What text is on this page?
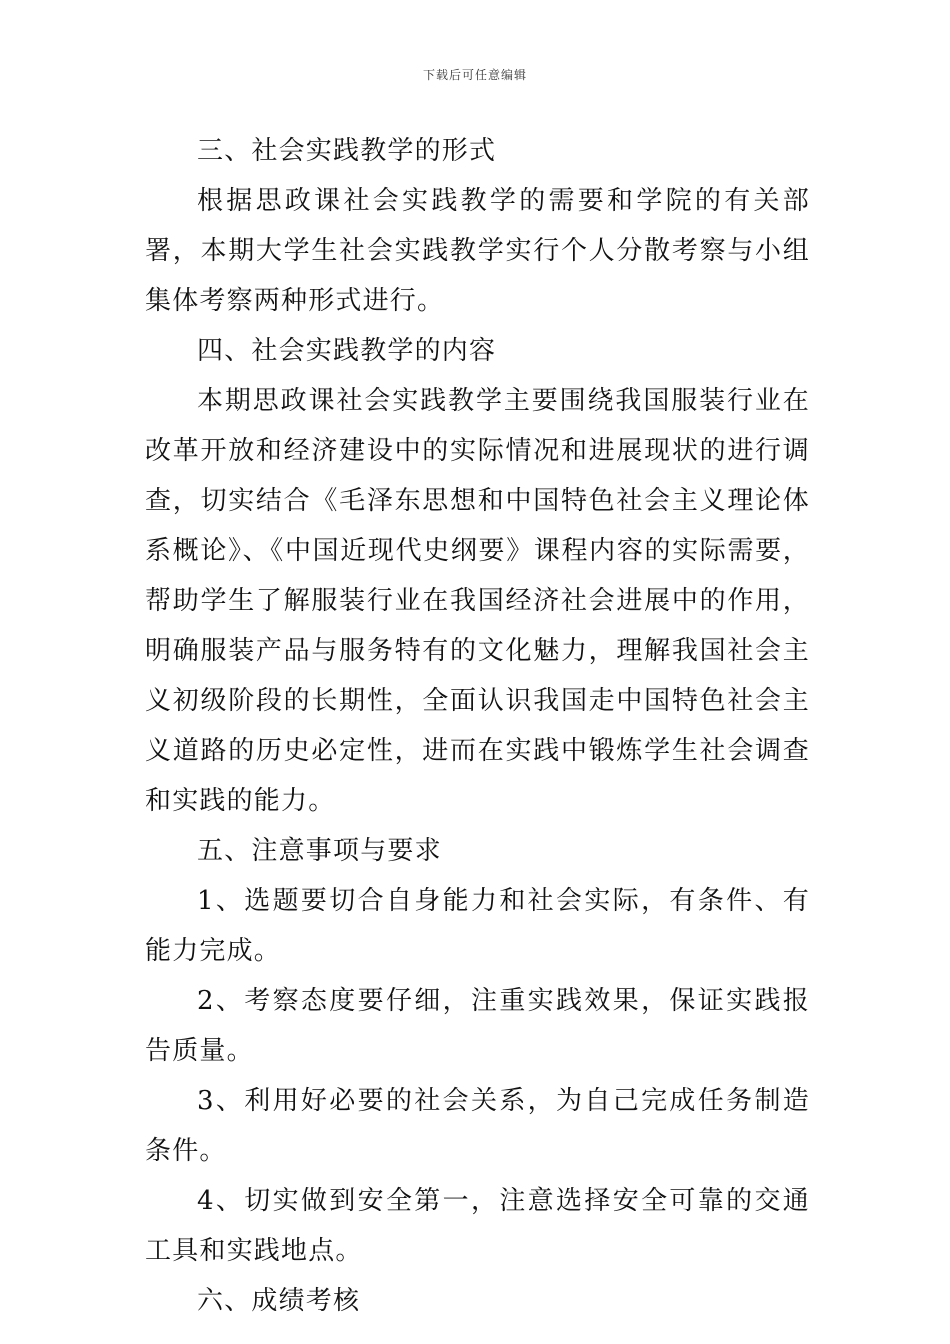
下载后可任意编辑

三、社会实践教学的形式

根据思政课社会实践教学的需要和学院的有关部署，本期大学生社会实践教学实行个人分散考察与小组集体考察两种形式进行。

四、社会实践教学的内容

本期思政课社会实践教学主要围绕我国服装行业在改革开放和经济建设中的实际情况和进展现状的进行调查，切实结合《毛泽东思想和中国特色社会主义理论体系概论》、《中国近现代史纲要》课程内容的实际需要，帮助学生了解服装行业在我国经济社会进展中的作用，明确服装产品与服务特有的文化魅力，理解我国社会主义初级阶段的长期性，全面认识我国走中国特色社会主义道路的历史必定性，进而在实践中锻炼学生社会调查和实践的能力。

五、注意事项与要求

1、选题要切合自身能力和社会实际，有条件、有能力完成。

2、考察态度要仔细，注重实践效果，保证实践报告质量。

3、利用好必要的社会关系，为自己完成任务制造条件。

4、切实做到安全第一，注意选择安全可靠的交通工具和实践地点。

六、成绩考核
